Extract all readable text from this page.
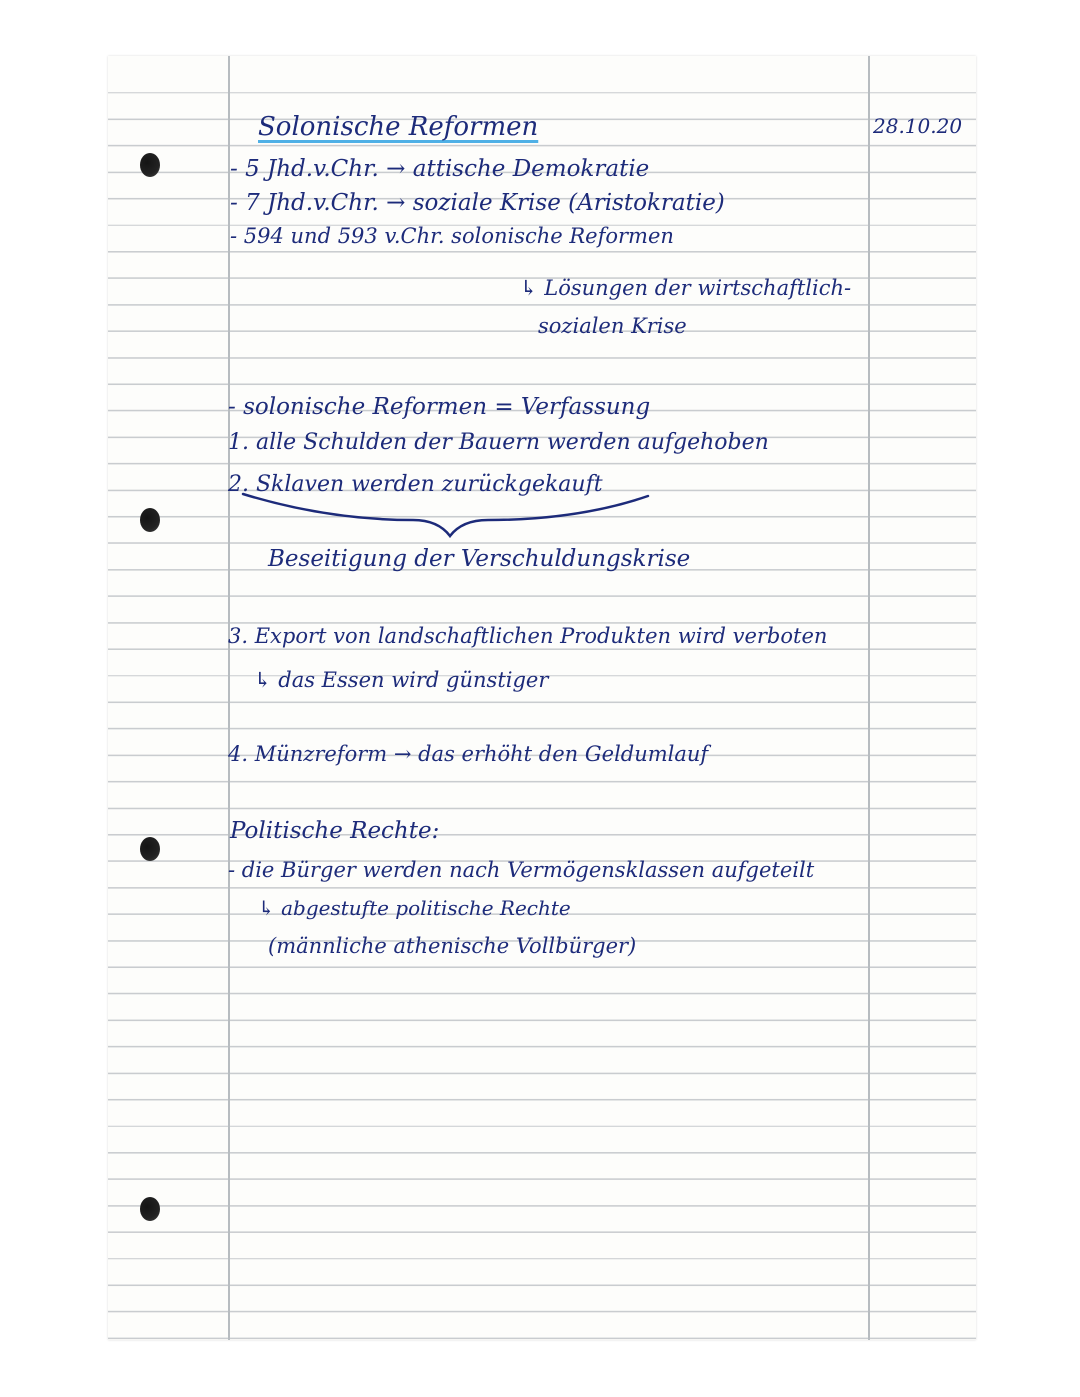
Solonische Reformen	28.10.20

- 5 Jhd.v.Chr. → attische Demokratie

- 7 Jhd.v.Chr. → soziale Krise (Aristokratie)

- 594 und 593 v.Chr. solonische Reformen

↳ Lösungen der wirtschaftlich-

sozialen Krise

- solonische Reformen = Verfassung

1. alle Schulden der Bauern werden aufgehoben

2. Sklaven werden zurückgekauft

Beseitigung der Verschuldungskrise

3. Export von landschaftlichen Produkten wird verboten

↳ das Essen wird günstiger

4. Münzreform → das erhöht den Geldumlauf

Politische Rechte:

- die Bürger werden nach Vermögensklassen aufgeteilt

↳ abgestufte politische Rechte

(männliche athenische Vollbürger)
